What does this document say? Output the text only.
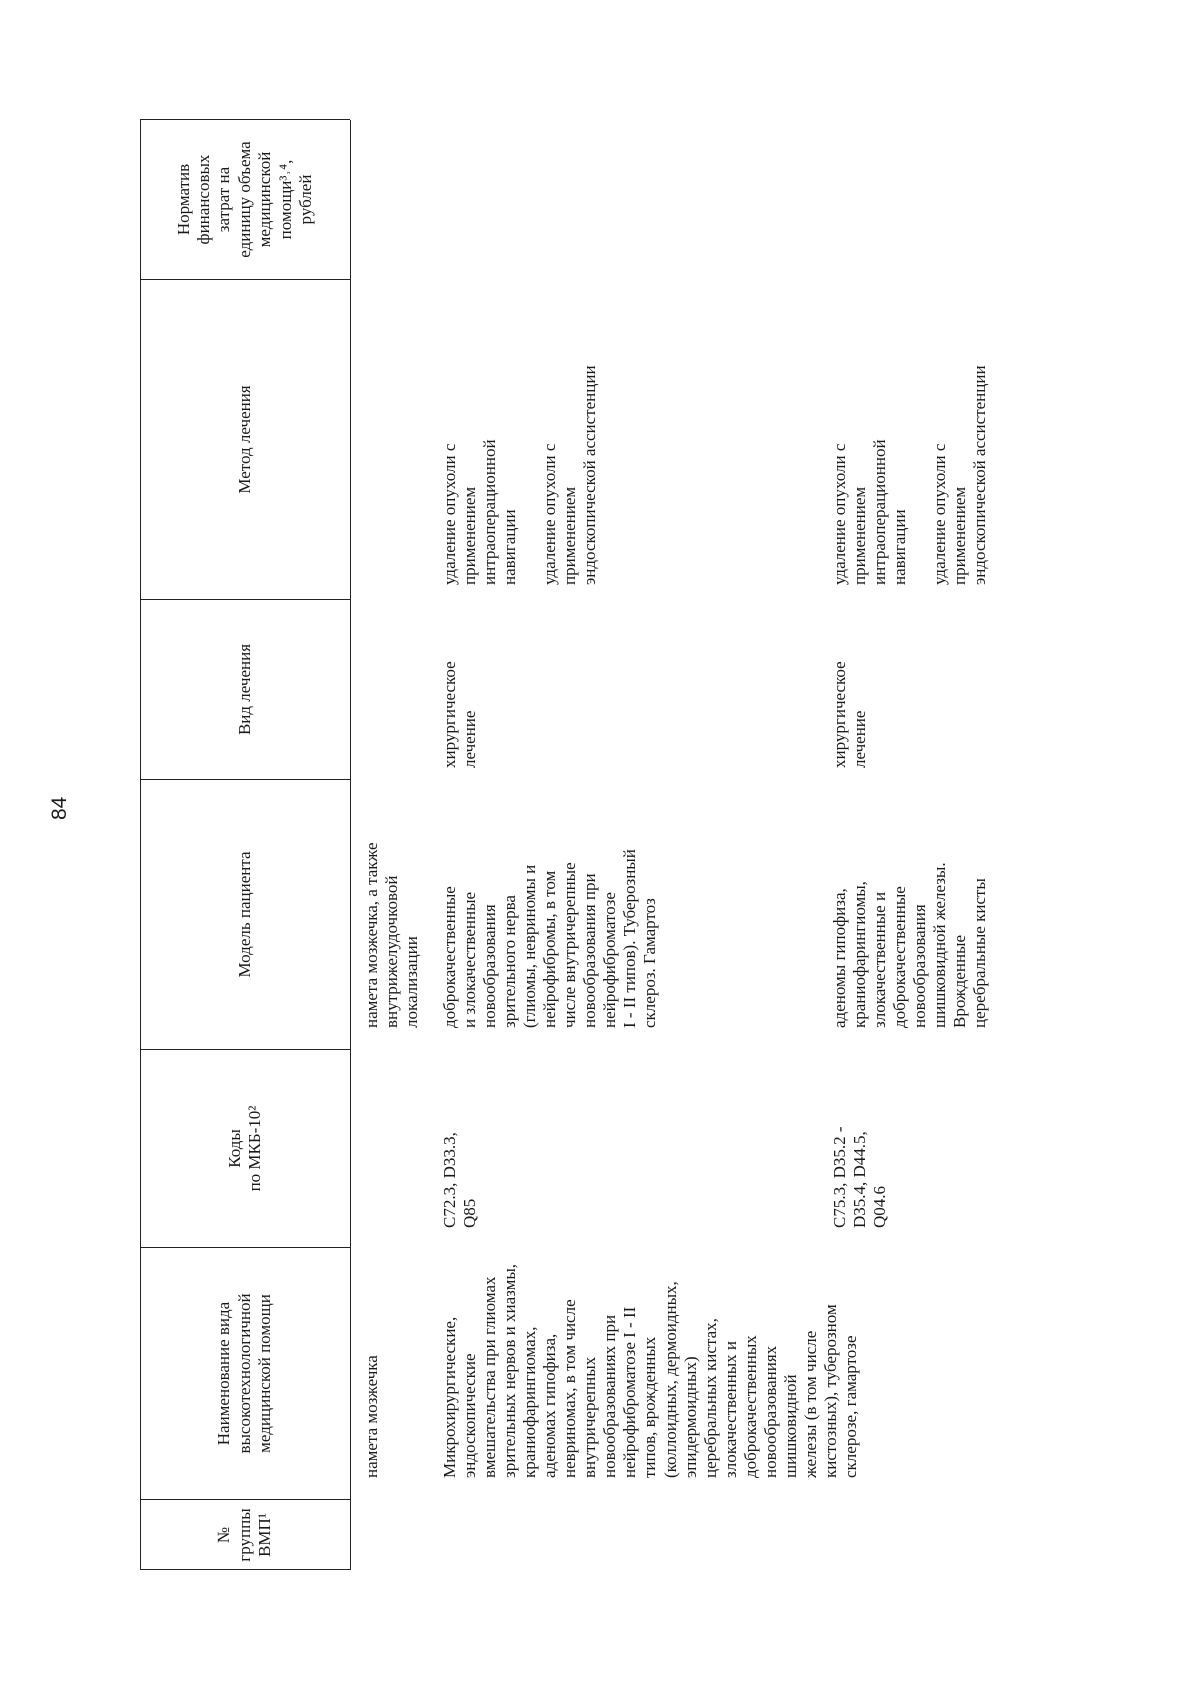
84
№
группы
ВМП¹
Наименование вида
высокотехнологичной
медицинской помощи
Коды
по МКБ-10²
Модель пациента
Вид лечения
Метод лечения
Норматив
финансовых
затрат на
единицу объема
медицинской
помощи³˒⁴,
рублей
намета мозжечка
намета мозжечка, а также
внутрижелудочковой
локализации
Микрохирургические,
эндоскопические
вмешательства при глиомах
зрительных нервов и хиазмы,
краниофарингиомах,
аденомах гипофиза,
невриномах, в том числе
внутричерепных
новообразованиях при
нейрофиброматозе I - II
типов, врожденных
(коллоидных, дермоидных,
эпидермоидных)
церебральных кистах,
злокачественных и
доброкачественных
новообразованиях
шишковидной
железы (в том числе
кистозных), туберозном
склерозе, гамартозе
C72.3, D33.3,
Q85
доброкачественные
и злокачественные
новообразования
зрительного нерва
(глиомы, невриномы и
нейрофибромы, в том
числе внутричерепные
новообразования при
нейрофиброматозе
I - II типов). Туберозный
склероз. Гамартоз
хирургическое
лечение
удаление опухоли с
применением
интраоперационной
навигации

удаление опухоли с
применением
эндоскопической ассистенции
C75.3, D35.2 -
D35.4, D44.5,
Q04.6
аденомы гипофиза,
краниофарингиомы,
злокачественные и
доброкачественные
новообразования
шишковидной железы.
Врожденные
церебральные кисты
хирургическое
лечение
удаление опухоли с
применением
интраоперационной
навигации

удаление опухоли с
применением
эндоскопической ассистенции
